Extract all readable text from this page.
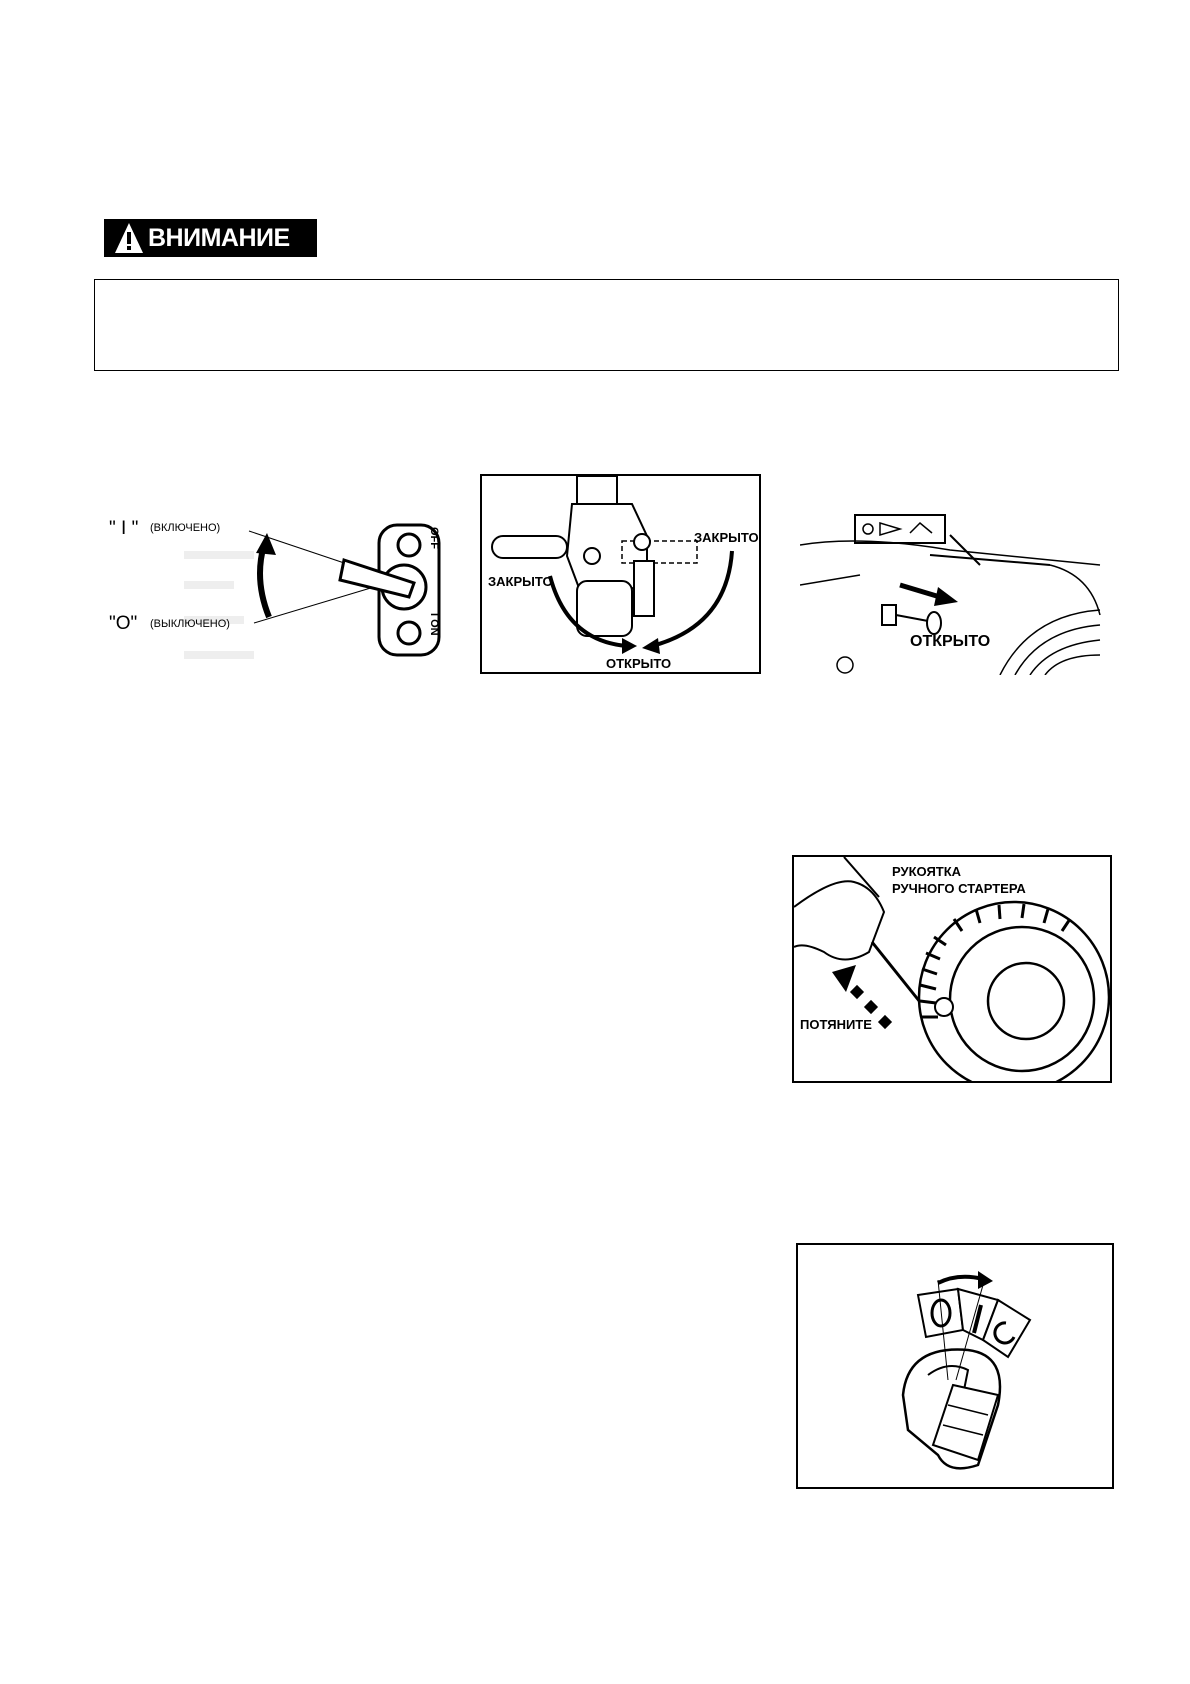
ВНИМАНИЕ
" I " (ВКЛЮЧЕНО)
"O" (ВЫКЛЮЧЕНО)
OFF
I ON
ЗАКРЫТО
ЗАКРЫТО
ОТКРЫТО
ОТКРЫТО
РУКОЯТКА
РУЧНОГО СТАРТЕРА
ПОТЯНИТЕ
